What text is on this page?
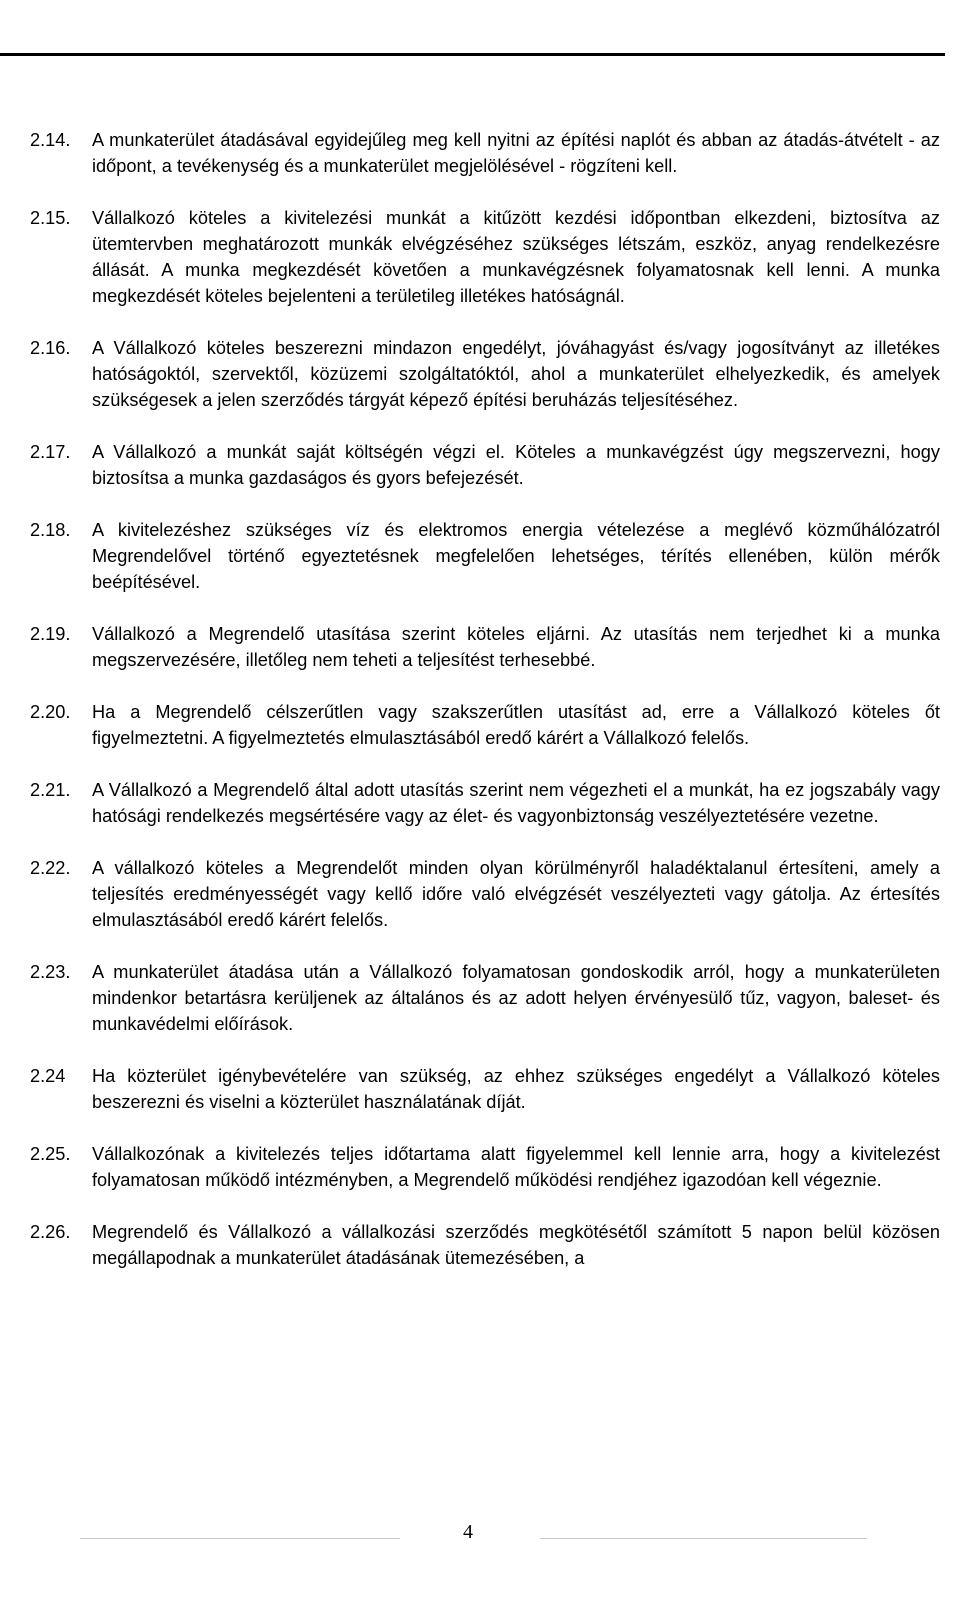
,,Bács-Kiskun Megyei Önkormányzat "Őszi Napfény" Integrált Szociális és Módszertani Intézménye bácsalmási
és nagybaracskai telephelyének korszerűsítése"
2.14. A munkaterület átadásával egyidejűleg meg kell nyitni az építési naplót és abban az átadás-átvételt - az időpont, a tevékenység és a munkaterület megjelölésével - rögzíteni kell.
2.15. Vállalkozó köteles a kivitelezési munkát a kitűzött kezdési időpontban elkezdeni, biztosítva az ütemtervben meghatározott munkák elvégzéséhez szükséges létszám, eszköz, anyag rendelkezésre állását. A munka megkezdését követően a munkavégzésnek folyamatosnak kell lenni. A munka megkezdését köteles bejelenteni a területileg illetékes hatóságnál.
2.16. A Vállalkozó köteles beszerezni mindazon engedélyt, jóváhagyást és/vagy jogosítványt az illetékes hatóságoktól, szervektől, közüzemi szolgáltatóktól, ahol a munkaterület elhelyezkedik, és amelyek szükségesek a jelen szerződés tárgyát képező építési beruházás teljesítéséhez.
2.17. A Vállalkozó a munkát saját költségén végzi el. Köteles a munkavégzést úgy megszervezni, hogy biztosítsa a munka gazdaságos és gyors befejezését.
2.18. A kivitelezéshez szükséges víz és elektromos energia vételezése a meglévő közműhálózatról Megrendelővel történő egyeztetésnek megfelelően lehetséges, térítés ellenében, külön mérők beépítésével.
2.19. Vállalkozó a Megrendelő utasítása szerint köteles eljárni. Az utasítás nem terjedhet ki a munka megszervezésére, illetőleg nem teheti a teljesítést terhesebbé.
2.20. Ha a Megrendelő célszerűtlen vagy szakszerűtlen utasítást ad, erre a Vállalkozó köteles őt figyelmeztetni. A figyelmeztetés elmulasztásából eredő kárért a Vállalkozó felelős.
2.21. A Vállalkozó a Megrendelő által adott utasítás szerint nem végezheti el a munkát, ha ez jogszabály vagy hatósági rendelkezés megsértésére vagy az élet- és vagyonbiztonság veszélyeztetésére vezetne.
2.22. A vállalkozó köteles a Megrendelőt minden olyan körülményről haladéktalanul értesíteni, amely a teljesítés eredményességét vagy kellő időre való elvégzését veszélyezteti vagy gátolja. Az értesítés elmulasztásából eredő kárért felelős.
2.23. A munkaterület átadása után a Vállalkozó folyamatosan gondoskodik arról, hogy a munkaterületen mindenkor betartásra kerüljenek az általános és az adott helyen érvényesülő tűz, vagyon, baleset- és munkavédelmi előírások.
2.24 Ha közterület igénybevételére van szükség, az ehhez szükséges engedélyt a Vállalkozó köteles beszerezni és viselni a közterület használatának díját.
2.25. Vállalkozónak a kivitelezés teljes időtartama alatt figyelemmel kell lennie arra, hogy a kivitelezést folyamatosan működő intézményben, a Megrendelő működési rendjéhez igazodóan kell végeznie.
2.26. Megrendelő és Vállalkozó a vállalkozási szerződés megkötésétől számított 5 napon belül közösen megállapodnak a munkaterület átadásának ütemezésében, a
4
Megrendelő	Vállalkozó
